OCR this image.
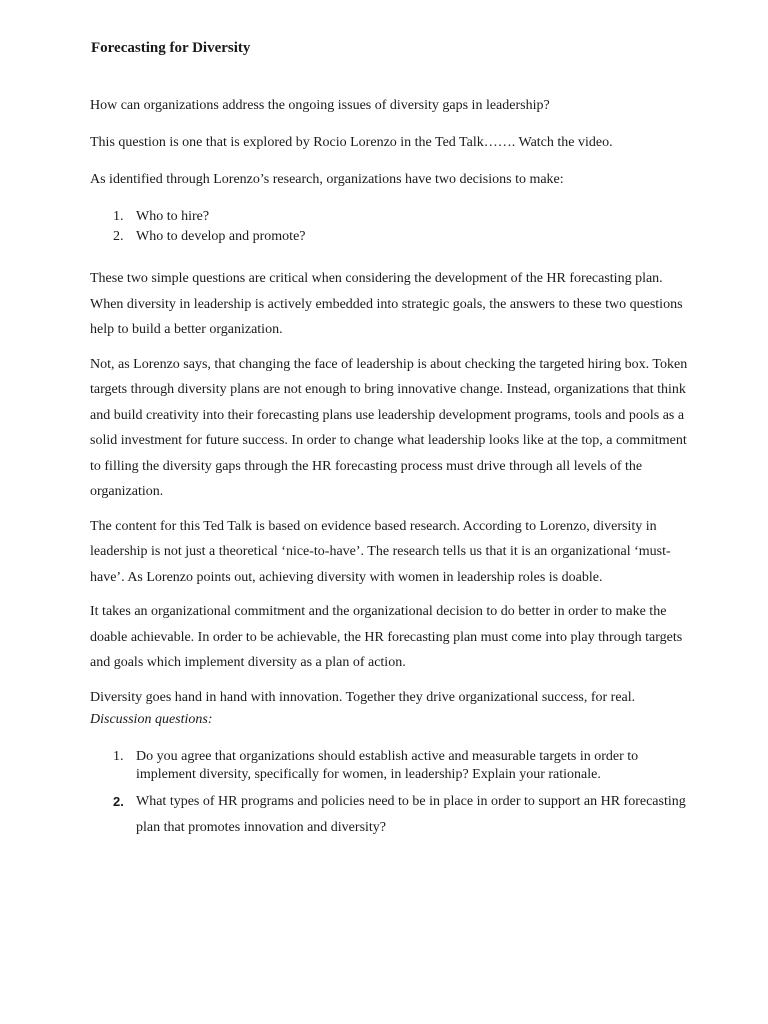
Forecasting for Diversity

How can organizations address the ongoing issues of diversity gaps in leadership?

This question is one that is explored by Rocio Lorenzo in the Ted Talk……. Watch the video.

As identified through Lorenzo’s research, organizations have two decisions to make:

1. Who to hire?
2. Who to develop and promote?

These two simple questions are critical when considering the development of the HR forecasting plan. When diversity in leadership is actively embedded into strategic goals, the answers to these two questions help to build a better organization.

Not, as Lorenzo says, that changing the face of leadership is about checking the targeted hiring box. Token targets through diversity plans are not enough to bring innovative change. Instead, organizations that think and build creativity into their forecasting plans use leadership development programs, tools and pools as a solid investment for future success. In order to change what leadership looks like at the top, a commitment to filling the diversity gaps through the HR forecasting process must drive through all levels of the organization.

The content for this Ted Talk is based on evidence based research. According to Lorenzo, diversity in leadership is not just a theoretical ‘nice-to-have’. The research tells us that it is an organizational ‘must-have’. As Lorenzo points out, achieving diversity with women in leadership roles is doable.

It takes an organizational commitment and the organizational decision to do better in order to make the doable achievable. In order to be achievable, the HR forecasting plan must come into play through targets and goals which implement diversity as a plan of action.

Diversity goes hand in hand with innovation. Together they drive organizational success, for real.

Discussion questions:
1. Do you agree that organizations should establish active and measurable targets in order to implement diversity, specifically for women, in leadership? Explain your rationale.
2. What types of HR programs and policies need to be in place in order to support an HR forecasting plan that promotes innovation and diversity?
